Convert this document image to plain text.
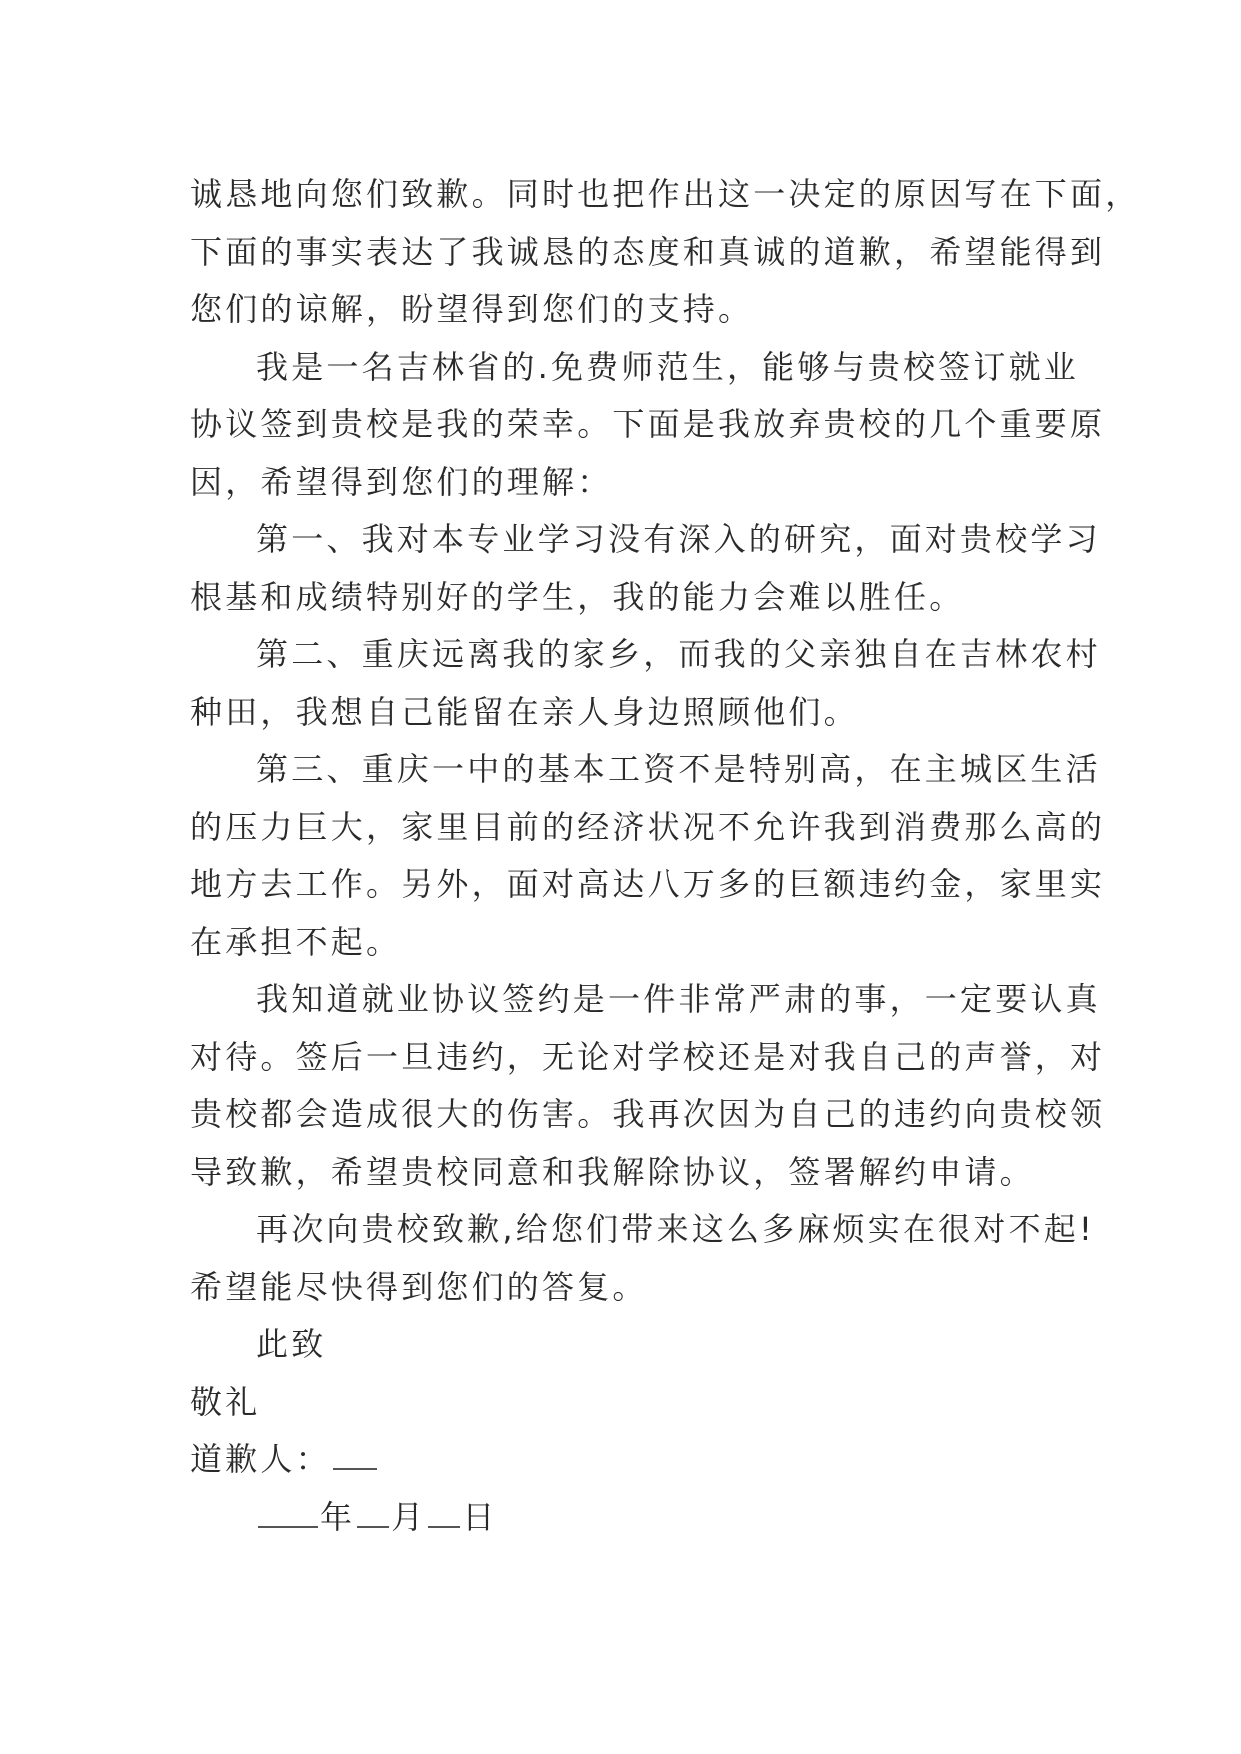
诚恳地向您们致歉。同时也把作出这一决定的原因写在下面，
下面的事实表达了我诚恳的态度和真诚的道歉，希望能得到
您们的谅解，盼望得到您们的支持。
我是一名吉林省的.免费师范生，能够与贵校签订就业
协议签到贵校是我的荣幸。下面是我放弃贵校的几个重要原
因，希望得到您们的理解：
第一、我对本专业学习没有深入的研究，面对贵校学习
根基和成绩特别好的学生，我的能力会难以胜任。
第二、重庆远离我的家乡，而我的父亲独自在吉林农村
种田，我想自己能留在亲人身边照顾他们。
第三、重庆一中的基本工资不是特别高，在主城区生活
的压力巨大，家里目前的经济状况不允许我到消费那么高的
地方去工作。另外，面对高达八万多的巨额违约金，家里实
在承担不起。
我知道就业协议签约是一件非常严肃的事，一定要认真
对待。签后一旦违约，无论对学校还是对我自己的声誉，对
贵校都会造成很大的伤害。我再次因为自己的违约向贵校领
导致歉，希望贵校同意和我解除协议，签署解约申请。
再次向贵校致歉,给您们带来这么多麻烦实在很对不起!
希望能尽快得到您们的答复。
此致
敬礼
道歉人：
年 月 日
